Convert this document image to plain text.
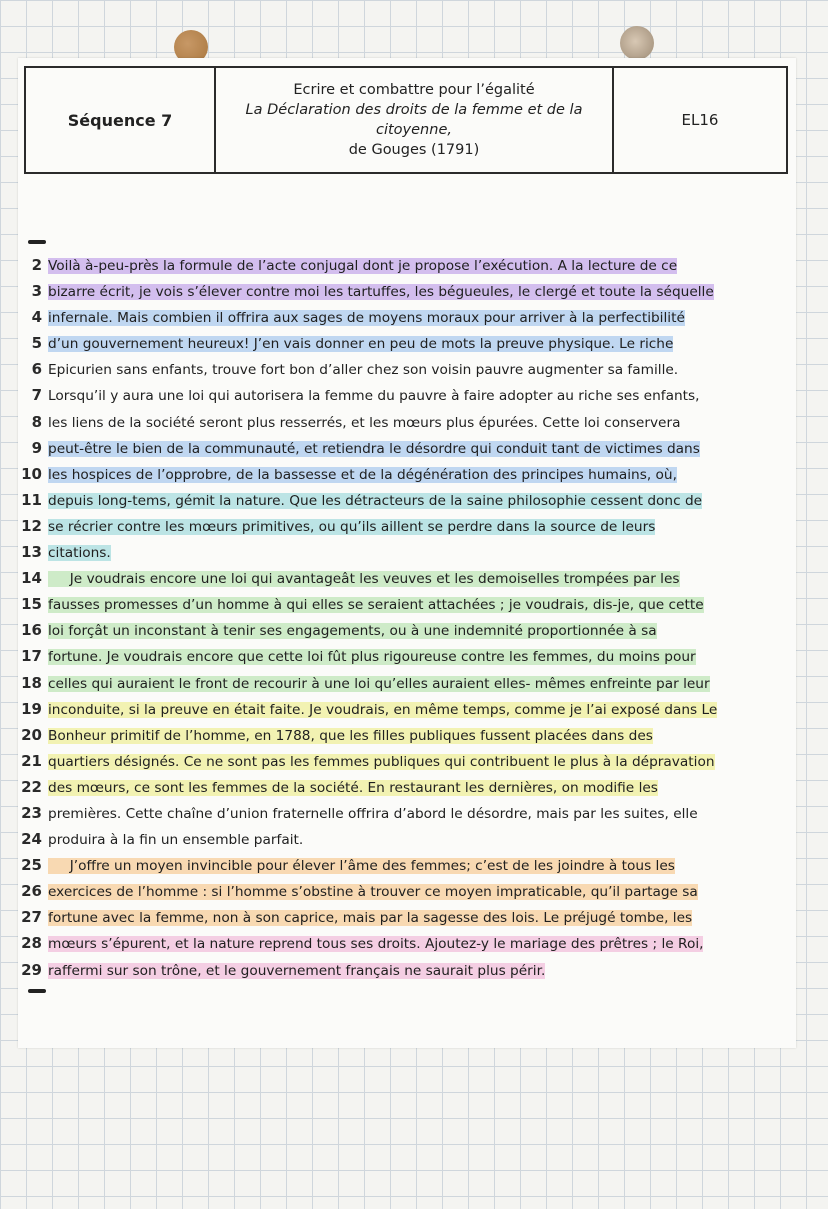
Séquence 7
Ecrire et combattre pour l’égalité
La Déclaration des droits de la femme et de la
citoyenne,
de Gouges (1791)
EL16
2 Voilà à-peu-près la formule de l’acte conjugal dont je propose l’exécution. A la lecture de ce
3 bizarre écrit, je vois s’élever contre moi les tartuffes, les bégueules, le clergé et toute la séquelle
4 infernale. Mais combien il offrira aux sages de moyens moraux pour arriver à la perfectibilité
5 d’un gouvernement heureux! J’en vais donner en peu de mots la preuve physique. Le riche
6 Epicurien sans enfants, trouve fort bon d’aller chez son voisin pauvre augmenter sa famille.
7 Lorsqu’il y aura une loi qui autorisera la femme du pauvre à faire adopter au riche ses enfants,
8 les liens de la société seront plus resserrés, et les mœurs plus épurées. Cette loi conservera
9 peut-être le bien de la communauté, et retiendra le désordre qui conduit tant de victimes dans
10 les hospices de l’opprobre, de la bassesse et de la dégénération des principes humains, où,
11 depuis long-tems, gémit la nature. Que les détracteurs de la saine philosophie cessent donc de
12 se récrier contre les mœurs primitives, ou qu’ils aillent se perdre dans la source de leurs
13 citations.
14     Je voudrais encore une loi qui avantageât les veuves et les demoiselles trompées par les
15 fausses promesses d’un homme à qui elles se seraient attachées ; je voudrais, dis-je, que cette
16 loi forçât un inconstant à tenir ses engagements, ou à une indemnité proportionnée à sa
17 fortune. Je voudrais encore que cette loi fût plus rigoureuse contre les femmes, du moins pour
18 celles qui auraient le front de recourir à une loi qu’elles auraient elles- mêmes enfreinte par leur
19 inconduite, si la preuve en était faite. Je voudrais, en même temps, comme je l’ai exposé dans Le
20 Bonheur primitif de l’homme, en 1788, que les filles publiques fussent placées dans des
21 quartiers désignés. Ce ne sont pas les femmes publiques qui contribuent le plus à la dépravation
22 des mœurs, ce sont les femmes de la société. En restaurant les dernières, on modifie les
23 premières. Cette chaîne d’union fraternelle offrira d’abord le désordre, mais par les suites, elle
24 produira à la fin un ensemble parfait.
25     J’offre un moyen invincible pour élever l’âme des femmes; c’est de les joindre à tous les
26 exercices de l’homme : si l’homme s’obstine à trouver ce moyen impraticable, qu’il partage sa
27 fortune avec la femme, non à son caprice, mais par la sagesse des lois. Le préjugé tombe, les
28 mœurs s’épurent, et la nature reprend tous ses droits. Ajoutez-y le mariage des prêtres ; le Roi,
29 raffermi sur son trône, et le gouvernement français ne saurait plus périr.
